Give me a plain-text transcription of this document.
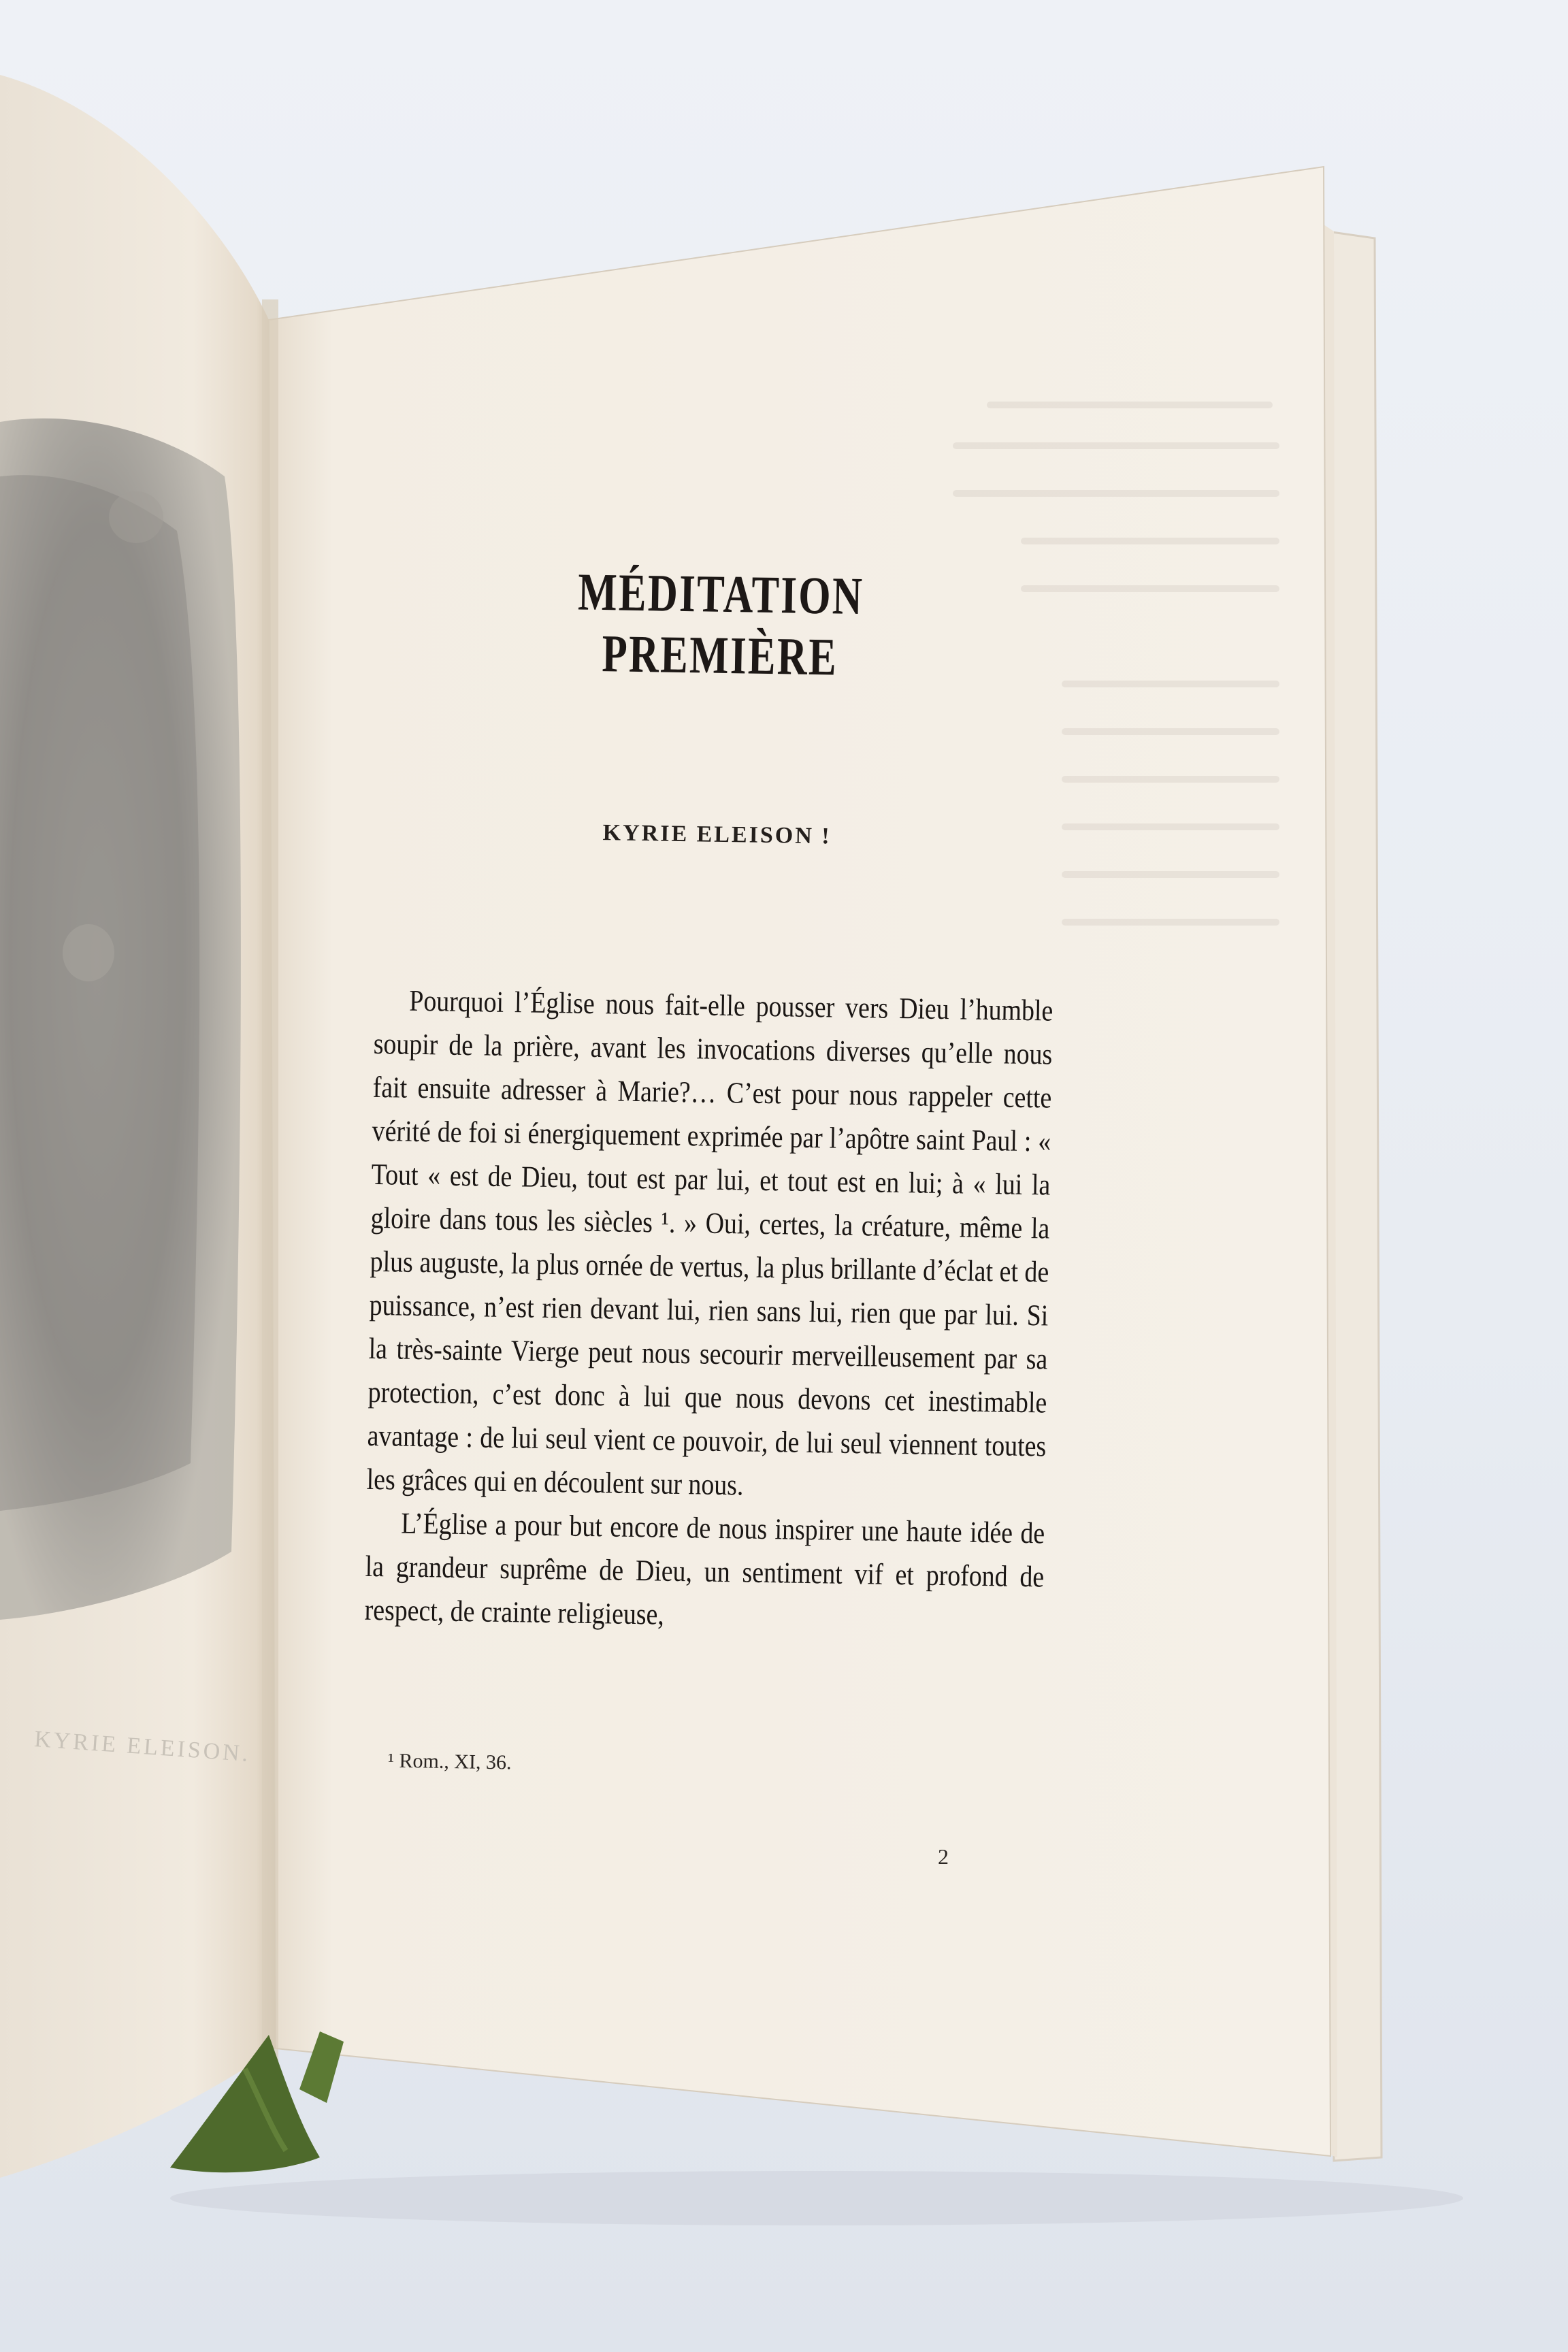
KYRIE ELEISON.
MÉDITATION PREMIÈRE
KYRIE ELEISON !

Pourquoi l’Église nous fait-elle pousser vers Dieu l’humble soupir de la prière, avant les invocations diverses qu’elle nous fait ensuite adresser à Marie?… C’est pour nous rappeler cette vérité de foi si énergiquement exprimée par l’apôtre saint Paul : « Tout « est de Dieu, tout est par lui, et tout est en lui; à « lui la gloire dans tous les siècles ¹. » Oui, certes, la créature, même la plus auguste, la plus ornée de vertus, la plus brillante d’éclat et de puissance, n’est rien devant lui, rien sans lui, rien que par lui. Si la très-sainte Vierge peut nous secourir merveilleusement par sa protection, c’est donc à lui que nous devons cet inestimable avantage : de lui seul vient ce pouvoir, de lui seul viennent toutes les grâces qui en découlent sur nous.

L’Église a pour but encore de nous inspirer une haute idée de la grandeur suprême de Dieu, un sentiment vif et profond de respect, de crainte religieuse,

¹ Rom., XI, 36.
2
